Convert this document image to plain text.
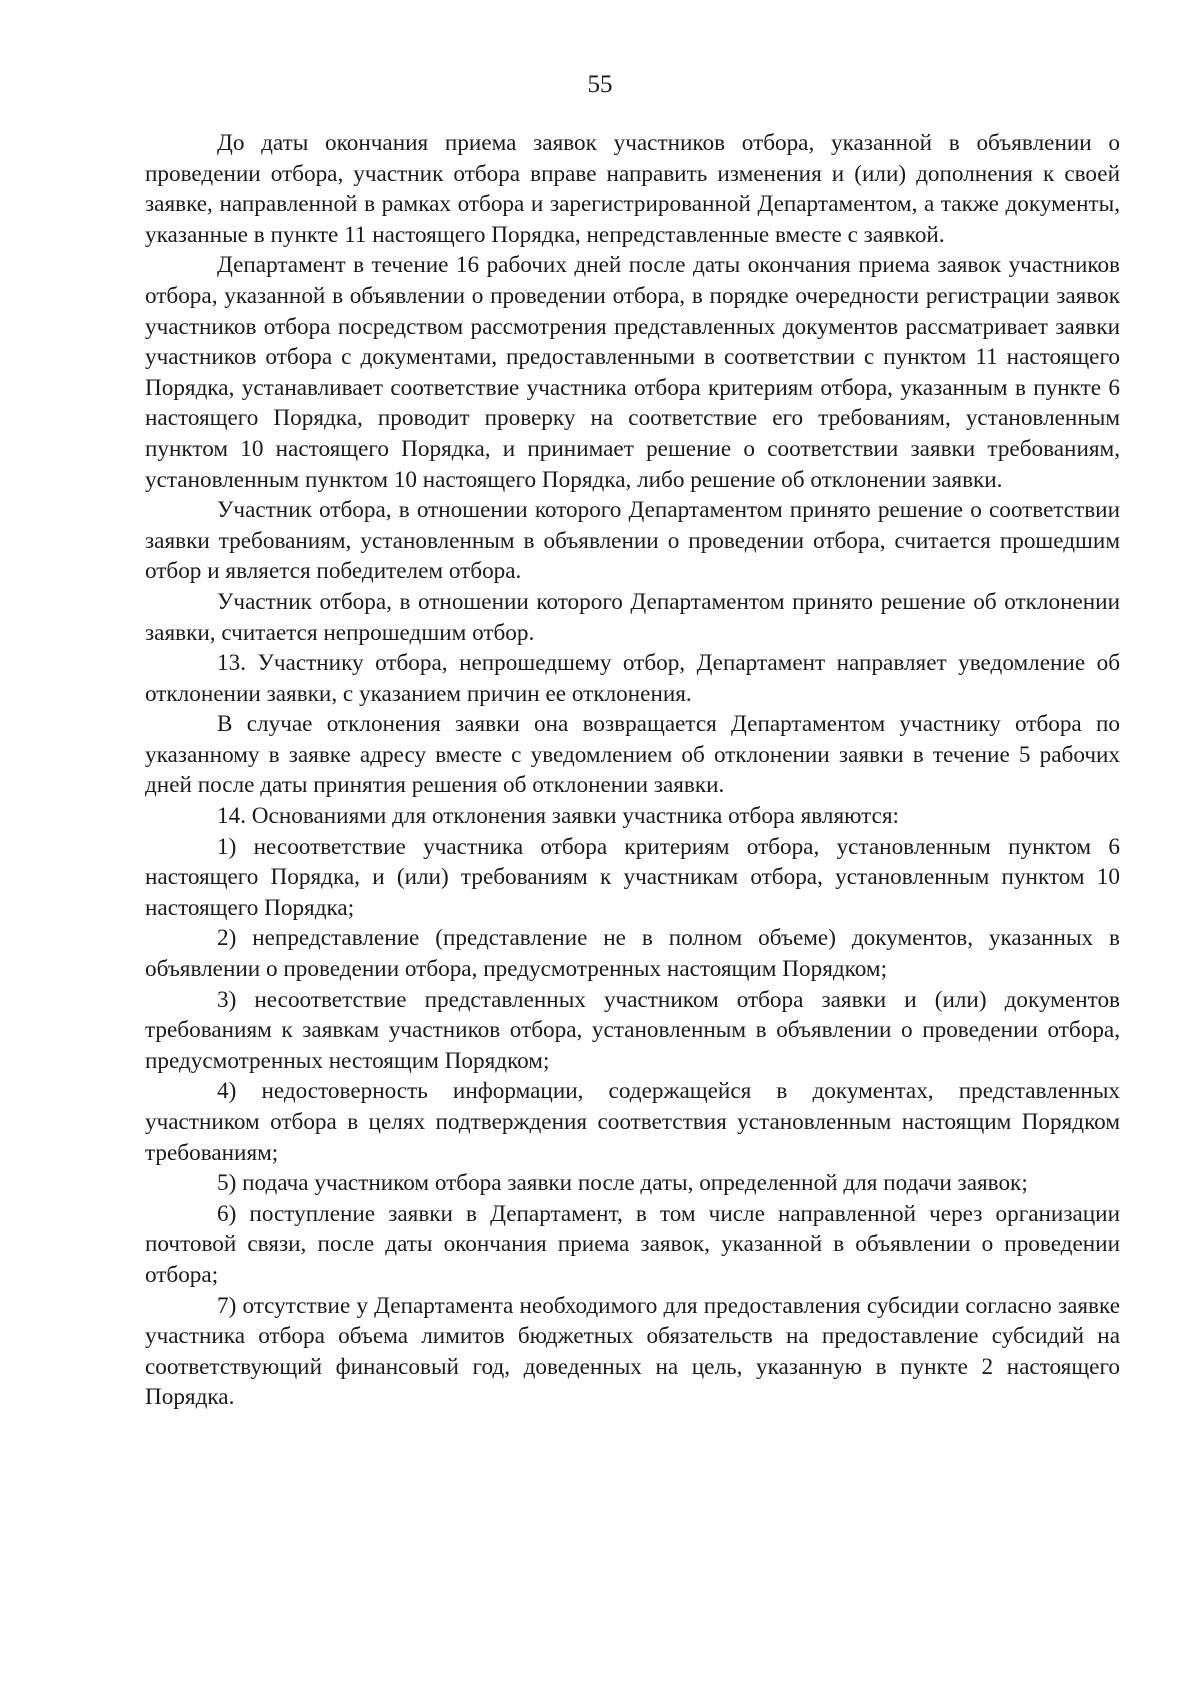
55

До даты окончания приема заявок участников отбора, указанной в объявлении о проведении отбора, участник отбора вправе направить изменения и (или) дополнения к своей заявке, направленной в рамках отбора и зарегистрированной Департаментом, а также документы, указанные в пункте 11 настоящего Порядка, непредставленные вместе с заявкой.

Департамент в течение 16 рабочих дней после даты окончания приема заявок участников отбора, указанной в объявлении о проведении отбора, в порядке очередности регистрации заявок участников отбора посредством рассмотрения представленных документов рассматривает заявки участников отбора с документами, предоставленными в соответствии с пунктом 11 настоящего Порядка, устанавливает соответствие участника отбора критериям отбора, указанным в пункте 6 настоящего Порядка, проводит проверку на соответствие его требованиям, установленным пунктом 10 настоящего Порядка, и принимает решение о соответствии заявки требованиям, установленным пунктом 10 настоящего Порядка, либо решение об отклонении заявки.

Участник отбора, в отношении которого Департаментом принято решение о соответствии заявки требованиям, установленным в объявлении о проведении отбора, считается прошедшим отбор и является победителем отбора.

Участник отбора, в отношении которого Департаментом принято решение об отклонении заявки, считается непрошедшим отбор.

13. Участнику отбора, непрошедшему отбор, Департамент направляет уведомление об отклонении заявки, с указанием причин ее отклонения.

В случае отклонения заявки она возвращается Департаментом участнику отбора по указанному в заявке адресу вместе с уведомлением об отклонении заявки в течение 5 рабочих дней после даты принятия решения об отклонении заявки.

14. Основаниями для отклонения заявки участника отбора являются:

1) несоответствие участника отбора критериям отбора, установленным пунктом 6 настоящего Порядка, и (или) требованиям к участникам отбора, установленным пунктом 10 настоящего Порядка;

2) непредставление (представление не в полном объеме) документов, указанных в объявлении о проведении отбора, предусмотренных настоящим Порядком;

3) несоответствие представленных участником отбора заявки и (или) документов требованиям к заявкам участников отбора, установленным в объявлении о проведении отбора, предусмотренных нестоящим Порядком;

4) недостоверность информации, содержащейся в документах, представленных участником отбора в целях подтверждения соответствия установленным настоящим Порядком требованиям;

5) подача участником отбора заявки после даты, определенной для подачи заявок;

6) поступление заявки в Департамент, в том числе направленной через организации почтовой связи, после даты окончания приема заявок, указанной в объявлении о проведении отбора;

7) отсутствие у Департамента необходимого для предоставления субсидии согласно заявке участника отбора объема лимитов бюджетных обязательств на предоставление субсидий на соответствующий финансовый год, доведенных на цель, указанную в пункте 2 настоящего Порядка.
